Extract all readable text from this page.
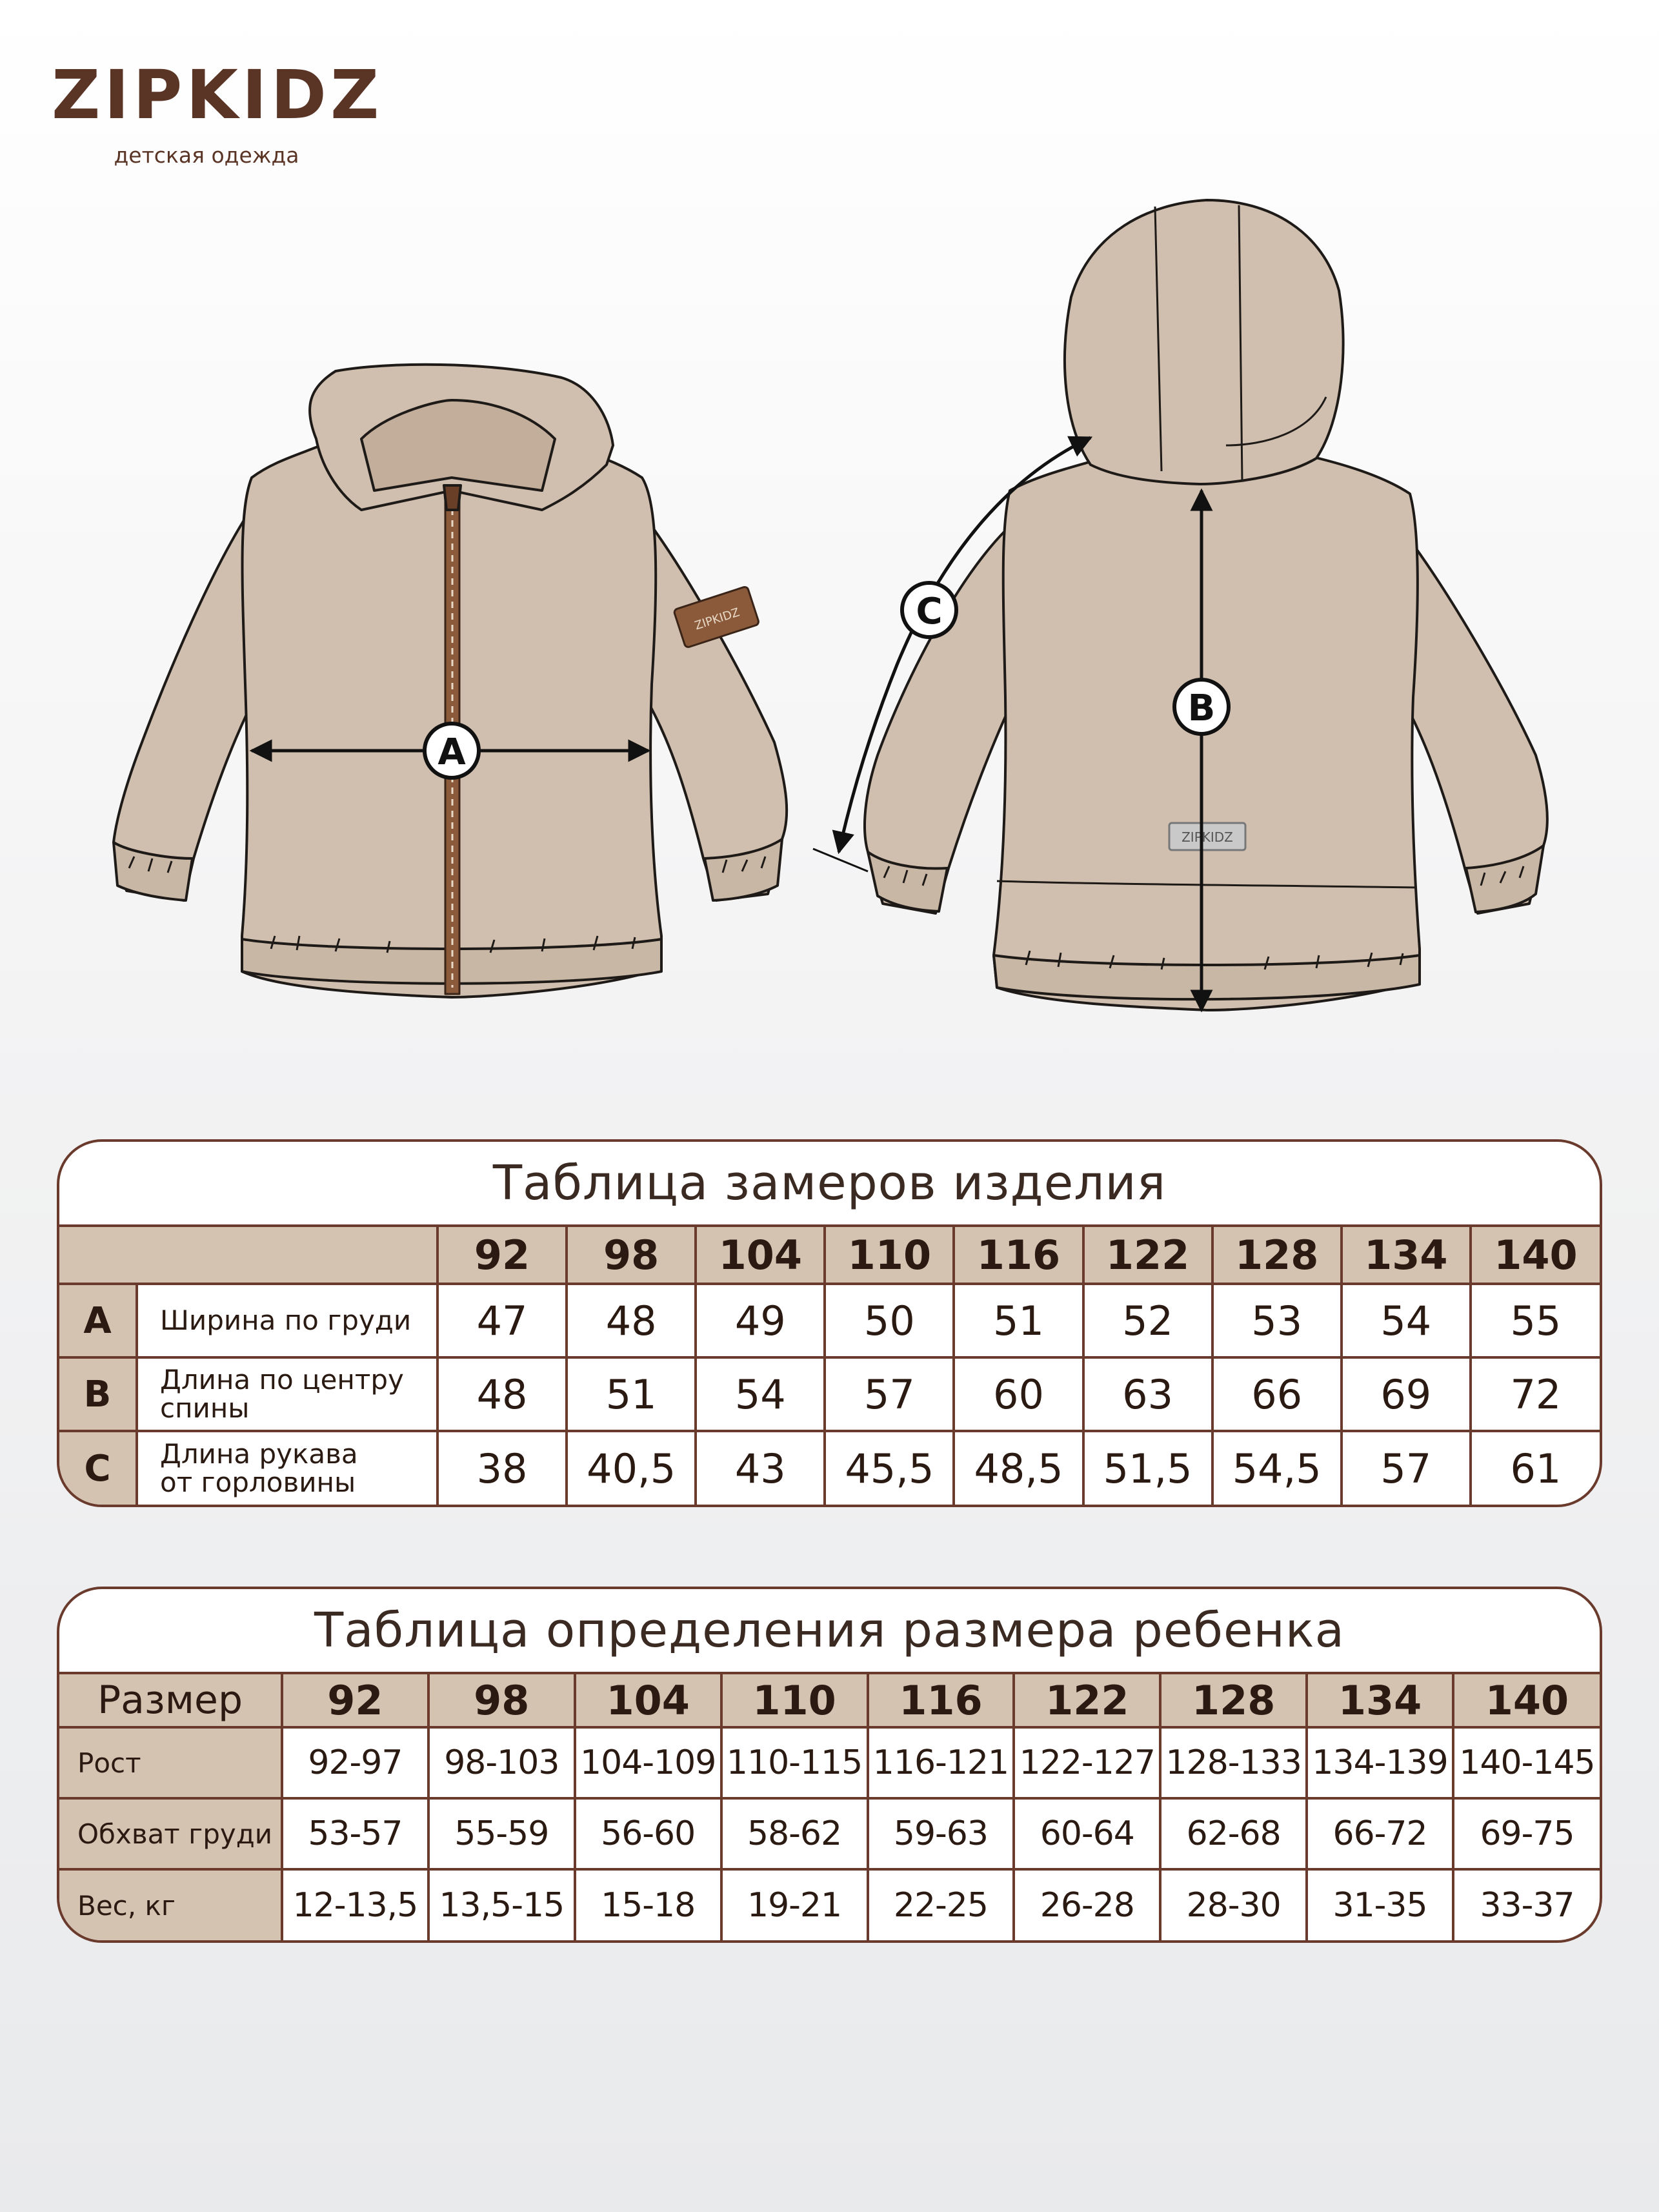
ZIPKIDZ
детская одежда
ZIPKIDZ
A
ZIPKIDZ
B
C
Таблица замеров изделия
		92	98	104	110	116	122	128	134	140
A	Ширина по груди	47	48	49	50	51	52	53	54	55
B	Длина по центру
спины	48	51	54	57	60	63	66	69	72
C	Длина рукава
от горловины	38	40,5	43	45,5	48,5	51,5	54,5	57	61
Таблица определения размера ребенка
Размер	92	98	104	110	116	122	128	134	140
Рост	92-97	98-103	104-109	110-115	116-121	122-127	128-133	134-139	140-145
Обхват груди	53-57	55-59	56-60	58-62	59-63	60-64	62-68	66-72	69-75
Вес, кг	12-13,5	13,5-15	15-18	19-21	22-25	26-28	28-30	31-35	33-37
